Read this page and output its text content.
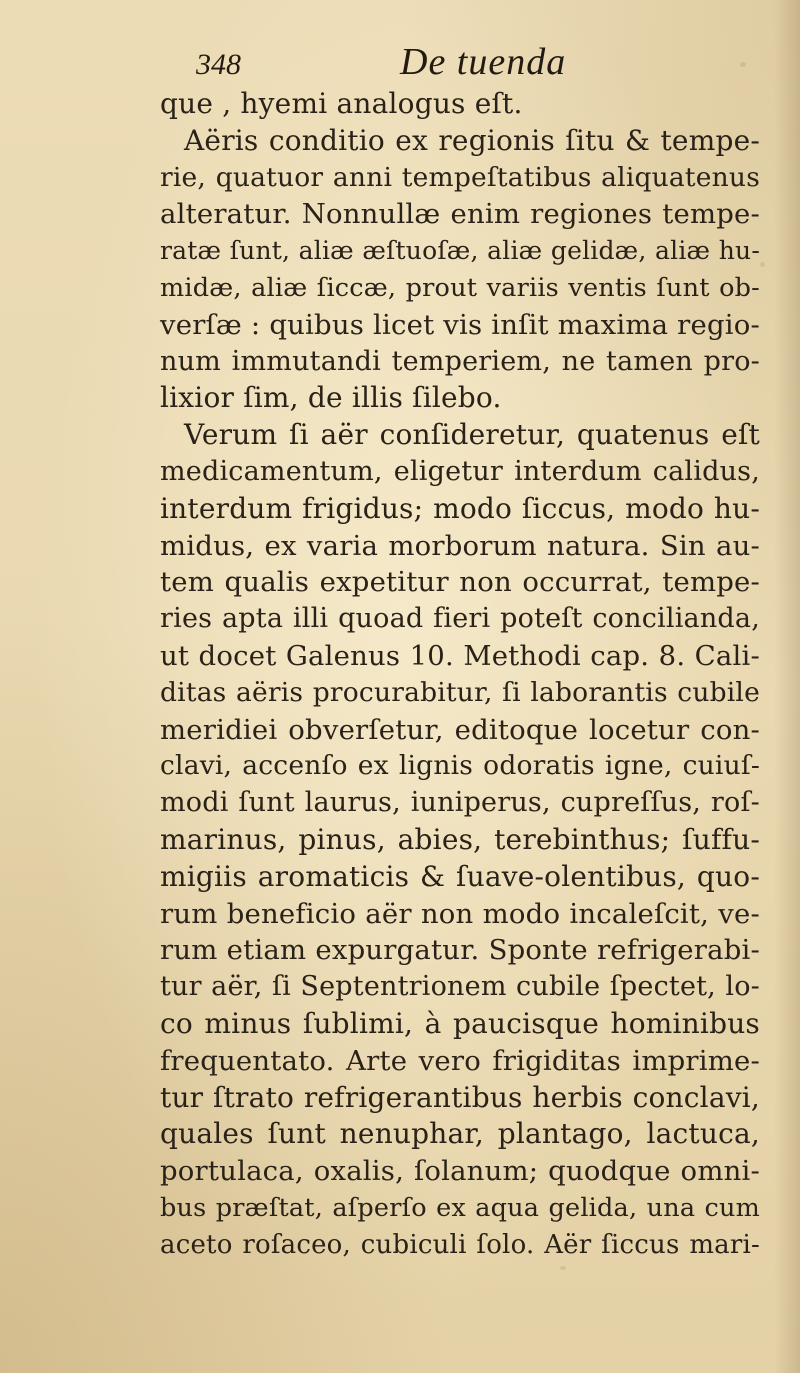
348	De tuenda
que , hyemi analogus eſt.
Aëris conditio ex regionis ſitu & tempe-
rie, quatuor anni tempeſtatibus aliquatenus
alteratur. Nonnullæ enim regiones tempe-
ratæ ſunt, aliæ æſtuoſæ, aliæ gelidæ, aliæ hu-
midæ, aliæ ſiccæ, prout variis ventis ſunt ob-
verſæ : quibus licet vis inſit maxima regio-
num immutandi temperiem, ne tamen pro-
lixior ſim, de illis ſilebo.
Verum ſi aër conſideretur, quatenus eſt
medicamentum, eligetur interdum calidus,
interdum frigidus; modo ſiccus, modo hu-
midus, ex varia morborum natura. Sin au-
tem qualis expetitur non occurrat, tempe-
ries apta illi quoad fieri poteſt concilianda,
ut docet Galenus 10. Methodi cap. 8. Cali-
ditas aëris procurabitur, ſi laborantis cubile
meridiei obverſetur, editoque locetur con-
clavi, accenſo ex lignis odoratis igne, cuiuſ-
modi ſunt laurus, iuniperus, cupreſſus, roſ-
marinus, pinus, abies, terebinthus; ſuffu-
migiis aromaticis & ſuave-olentibus, quo-
rum beneficio aër non modo incaleſcit, ve-
rum etiam expurgatur. Sponte refrigerabi-
tur aër, ſi Septentrionem cubile ſpectet, lo-
co minus ſublimi, à paucisque hominibus
frequentato. Arte vero frigiditas imprime-
tur ſtrato refrigerantibus herbis conclavi,
quales ſunt nenuphar, plantago, lactuca,
portulaca, oxalis, ſolanum; quodque omni-
bus præſtat, aſperſo ex aqua gelida, una cum
aceto roſaceo, cubiculi ſolo. Aër ſiccus mari-
